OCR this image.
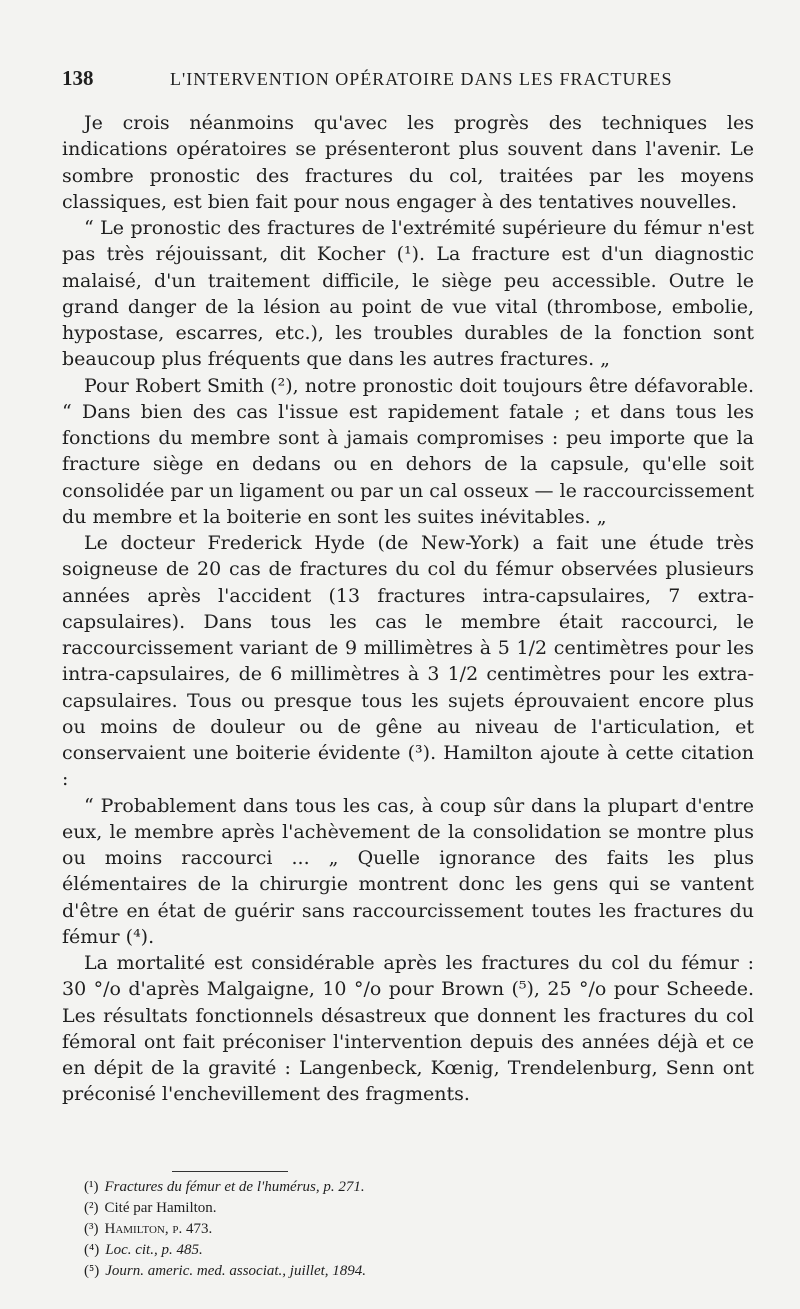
138	L'INTERVENTION OPÉRATOIRE DANS LES FRACTURES

Je crois néanmoins qu'avec les progrès des techniques les indications opératoires se présenteront plus souvent dans l'avenir. Le sombre pronostic des fractures du col, traitées par les moyens classiques, est bien fait pour nous engager à des tentatives nouvelles.

“ Le pronostic des fractures de l'extrémité supérieure du fémur n'est pas très réjouissant, dit Kocher (¹). La fracture est d'un diagnostic malaisé, d'un traitement difficile, le siège peu accessible. Outre le grand danger de la lésion au point de vue vital (thrombose, embolie, hypostase, escarres, etc.), les troubles durables de la fonction sont beaucoup plus fréquents que dans les autres fractures. „

Pour Robert Smith (²), notre pronostic doit toujours être défavorable. “ Dans bien des cas l'issue est rapidement fatale ; et dans tous les fonctions du membre sont à jamais compromises : peu importe que la fracture siège en dedans ou en dehors de la capsule, qu'elle soit consolidée par un ligament ou par un cal osseux — le raccourcissement du membre et la boiterie en sont les suites inévitables. „

Le docteur Frederick Hyde (de New-York) a fait une étude très soigneuse de 20 cas de fractures du col du fémur observées plusieurs années après l'accident (13 fractures intra-capsulaires, 7 extra-capsulaires). Dans tous les cas le membre était raccourci, le raccourcissement variant de 9 millimètres à 5 1/2 centimètres pour les intra-capsulaires, de 6 millimètres à 3 1/2 centimètres pour les extra-capsulaires. Tous ou presque tous les sujets éprouvaient encore plus ou moins de douleur ou de gêne au niveau de l'articulation, et conservaient une boiterie évidente (³). Hamilton ajoute à cette citation :

“ Probablement dans tous les cas, à coup sûr dans la plupart d'entre eux, le membre après l'achèvement de la consolidation se montre plus ou moins raccourci ... „ Quelle ignorance des faits les plus élémentaires de la chirurgie montrent donc les gens qui se vantent d'être en état de guérir sans raccourcissement toutes les fractures du fémur (⁴).

La mortalité est considérable après les fractures du col du fémur : 30 °/o d'après Malgaigne, 10 °/o pour Brown (⁵), 25 °/o pour Scheede. Les résultats fonctionnels désastreux que donnent les fractures du col fémoral ont fait préconiser l'intervention depuis des années déjà et ce en dépit de la gravité : Langenbeck, Kœnig, Trendelenburg, Senn ont préconisé l'enchevillement des fragments.

(¹) Fractures du fémur et de l'humérus, p. 271.
(²) Cité par Hamilton.
(³) Hamilton, p. 473.
(⁴) Loc. cit., p. 485.
(⁵) Journ. americ. med. associat., juillet, 1894.
